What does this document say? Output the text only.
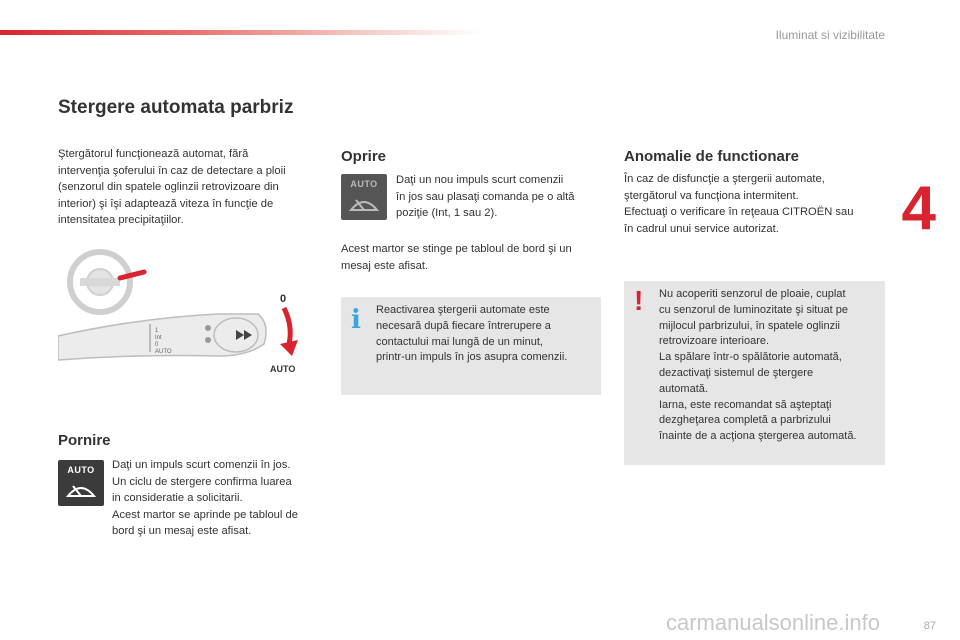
Iluminat si vizibilitate
4
Stergere automata parbriz
Ştergătorul funcţionează automat, fără
intervenţia şoferului în caz de detectare a ploii
(senzorul din spatele oglinzii retrovizoare din
interior) şi îşi adaptează viteza în funcţie de
intensitatea precipitaţiilor.
1
Int
0
AUTO
0
AUTO
Pornire
AUTO	Daţi un impuls scurt comenzii în jos.
Un ciclu de stergere confirma luarea
in consideratie a solicitarii.
Acest martor se aprinde pe tabloul de
bord şi un mesaj este afisat.
Oprire
AUTO	Daţi un nou impuls scurt comenzii
în jos sau plasaţi comanda pe o altă
poziţie (Int, 1 sau 2).
Acest martor se stinge pe tabloul de bord şi un
mesaj este afisat.
i Reactivarea ştergerii automate este
necesară după fiecare întrerupere a
contactului mai lungă de un minut,
printr-un impuls în jos asupra comenzii.
Anomalie de functionare
În caz de disfuncţie a ştergerii automate,
ştergătorul va funcţiona intermitent.
Efectuaţi o verificare în reţeaua CITROËN sau
în cadrul unui service autorizat.
! Nu acoperiti senzorul de ploaie, cuplat
cu senzorul de luminozitate şi situat pe
mijlocul parbrizului, în spatele oglinzii
retrovizoare interioare.
La spălare într-o spălătorie automată,
dezactivaţi sistemul de ştergere
automată.
Iarna, este recomandat să aşteptaţi
dezgheţarea completă a parbrizului
înainte de a acţiona ştergerea automată.
carmanualsonline.info	87
